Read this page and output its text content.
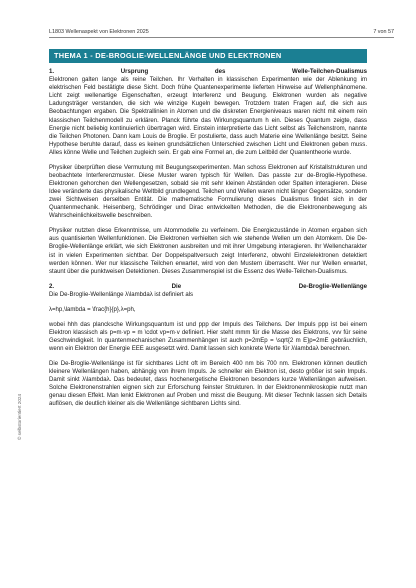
L1803 Wellenaspekt von Elektronen 2025	7 von 57
© selbstorientiert 2024
THEMA 1 - DE-BROGLIE-WELLENLÄNGE UND ELEKTRONEN
1.	Ursprung	des	Welle-Teilchen-Dualismus

Elektronen galten lange als reine Teilchen. Ihr Verhalten in klassischen Experimenten wie der Ablenkung im elektrischen Feld bestätigte diese Sicht. Doch frühe Quantenexperimente lieferten Hinweise auf Wellenphänomene. Licht zeigt wellenartige Eigenschaften, erzeugt Interferenz und Beugung. Elektronen wurden als negative Ladungsträger verstanden, die sich wie winzige Kugeln bewegen. Trotzdem traten Fragen auf, die sich aus Beobachtungen ergaben. Die Spektrallinien in Atomen und die diskreten Energieniveaus waren nicht mit einem rein klassischen Teilchenmodell zu erklären. Planck führte das Wirkungsquantum h ein. Dieses Quantum zeigte, dass Energie nicht beliebig kontinuierlich übertragen wird. Einstein interpretierte das Licht selbst als Teilchenstrom, nannte die Teilchen Photonen. Dann kam Louis de Broglie. Er postulierte, dass auch Materie eine Wellenlänge besitzt. Seine Hypothese beruhte darauf, dass es keinen grundsätzlichen Unterschied zwischen Licht und Elektronen geben muss. Alles könne Welle und Teilchen zugleich sein. Er gab eine Formel an, die zum Leitbild der Quantentheorie wurde.

Physiker überprüften diese Vermutung mit Beugungsexperimenten. Man schoss Elektronen auf Kristallstrukturen und beobachtete Interferenzmuster. Diese Muster waren typisch für Wellen. Das passte zur de-Broglie-Hypothese. Elektronen gehorchen den Wellengesetzen, sobald sie mit sehr kleinen Abständen oder Spalten interagieren. Diese Idee veränderte das physikalische Weltbild grundlegend. Teilchen und Wellen waren nicht länger Gegensätze, sondern zwei Sichtweisen derselben Entität. Die mathematische Formulierung dieses Dualismus findet sich in der Quantenmechanik. Heisenberg, Schrödinger und Dirac entwickelten Methoden, die die Elektronenbewegung als Wahrscheinlichkeitswelle beschreiben.

Physiker nutzten diese Erkenntnisse, um Atommodelle zu verfeinern. Die Energiezustände in Atomen ergaben sich aus quantisierten Wellenfunktionen. Die Elektronen verhielten sich wie stehende Wellen um den Atomkern. Die De-Broglie-Wellenlänge erklärt, wie sich Elektronen ausbreiten und mit ihrer Umgebung interagieren. Ihr Wellencharakter ist in vielen Experimenten sichtbar. Der Doppelspaltversuch zeigt Interferenz, obwohl Einzelelektronen detektiert werden können. Wer nur klassische Teilchen erwartet, wird von den Mustern überrascht. Wer nur Wellen erwartet, staunt über die punktweisen Detektionen. Dieses Zusammenspiel ist die Essenz des Welle-Teilchen-Dualismus.

2.	Die	De-Broglie-Wellenlänge

Die De-Broglie-Wellenlänge λ\lambdaλ ist definiert als

λ=hp,\lambda = \frac{h}{p},λ=ph,

wobei hhh das plancksche Wirkungsquantum ist und ppp der Impuls des Teilchens. Der Impuls ppp ist bei einem Elektron klassisch als p=m·vp = m \cdot vp=m·v definiert. Hier steht mmm für die Masse des Elektrons, vvv für seine Geschwindigkeit. In quantenmechanischen Zusammenhängen ist auch p=2mEp = \sqrt{2 m E}p=2mE gebräuchlich, wenn ein Elektron der Energie EEE ausgesetzt wird. Damit lassen sich konkrete Werte für λ\lambdaλ berechnen.

Die De-Broglie-Wellenlänge ist für sichtbares Licht oft im Bereich 400 nm bis 700 nm. Elektronen können deutlich kleinere Wellenlängen haben, abhängig von ihrem Impuls. Je schneller ein Elektron ist, desto größer ist sein Impuls. Damit sinkt λ\lambdaλ. Das bedeutet, dass hochenergetische Elektronen besonders kurze Wellenlängen aufweisen. Solche Elektronenstrahlen eignen sich zur Erforschung feinster Strukturen. In der Elektronenmikroskopie nutzt man genau diesen Effekt. Man lenkt Elektronen auf Proben und misst die Beugung. Mit dieser Technik lassen sich Details auflösen, die deutlich kleiner als die Wellenlänge sichtbaren Lichts sind.
